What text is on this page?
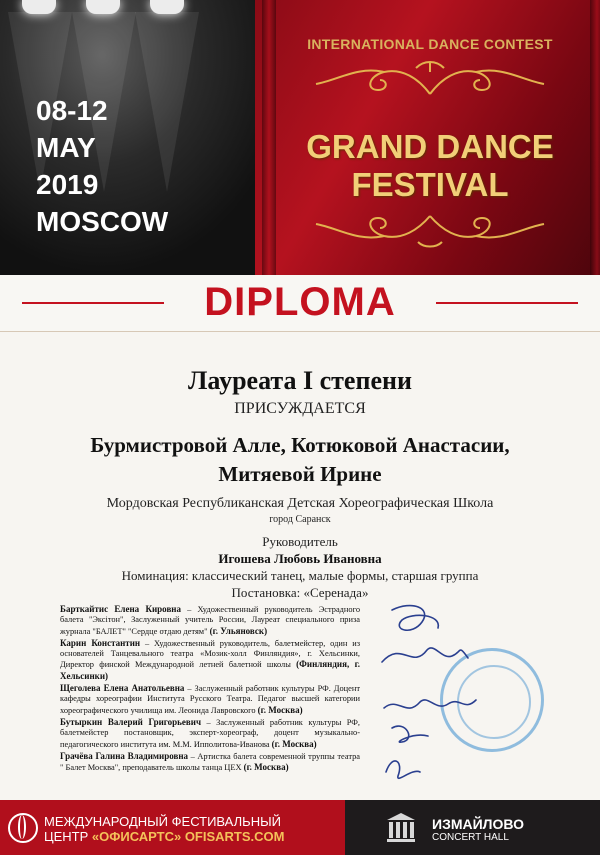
08-12
MAY
2019
MOSCOW
INTERNATIONAL DANCE CONTEST
GRAND DANCE
FESTIVAL
DIPLOMA
Лауреата I степени
ПРИСУЖДАЕТСЯ
Бурмистровой Алле, Котюковой Анастасии,
Митяевой Ирине
Мордовская Республиканская Детская Хореографическая Школа
город Саранск
Руководитель
Игошева Любовь Ивановна
Номинация: классический танец, малые формы, старшая группа
Постановка: «Серенада»
Барткайтис Елена Кировна – Художественный руководитель Эстрадного балета "Эксітон", Заслуженный учитель России, Лауреат специального приза журнала "БАЛЕТ" "Сердце отдаю детям" (г. Ульяновск)
Карин Константин – Художественный руководитель, балетмейстер, один из основателей Танцевального театра «Мозик-холл Финляндия», г. Хельсинки, Директор финской Международной летней балетной школы (Финляндия, г. Хельсинки)
Щеголева Елена Анатольевна – Заслуженный работник культуры РФ. Доцент кафедры хореографии Института Русского Театра. Педагог высшей категории хореографического училища им. Леонида Лавровского (г. Москва)
Бутыркин Валерий Григорьевич – Заслуженный работник культуры РФ, балетмейстер постановщик, эксперт-хореограф, доцент музыкально-педагогического института им. М.М. Ипполитова-Иванова (г. Москва)
Грачёва Галина Владимировна – Артистка балета современной труппы театра " Балет Москва", преподаватель школы танца ЦЕХ (г. Москва)
МЕЖДУНАРОДНЫЙ ФЕСТИВАЛЬНЫЙ
ЦЕНТР «ОФИСАРТС» OFISARTS.COM
ИЗМАЙЛОВО
CONCERT HALL
